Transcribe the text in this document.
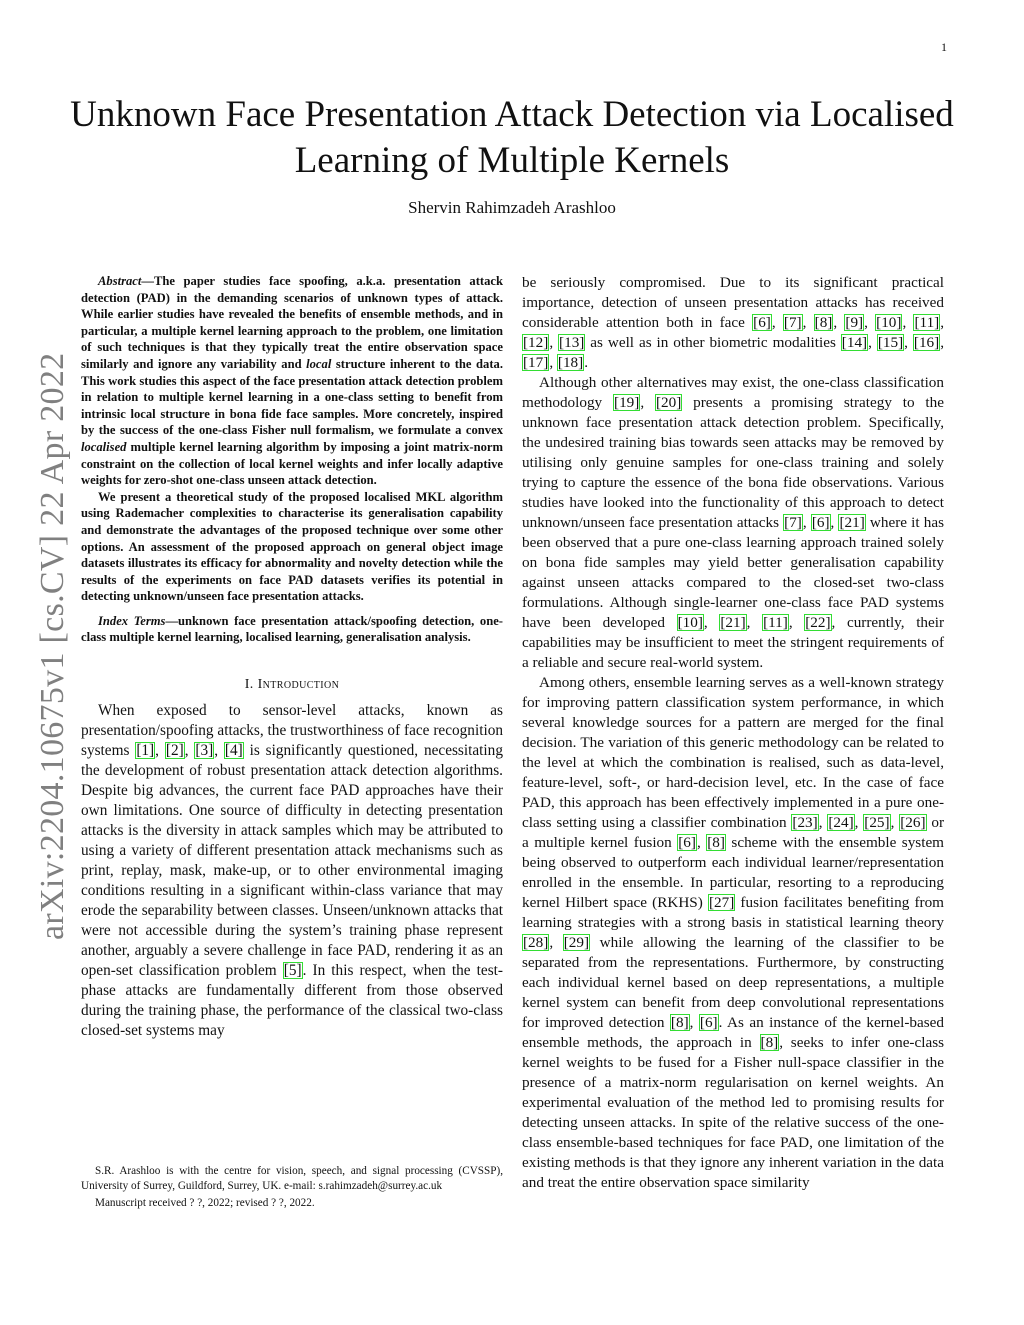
1
arXiv:2204.10675v1 [cs.CV] 22 Apr 2022
Unknown Face Presentation Attack Detection via Localised Learning of Multiple Kernels
Shervin Rahimzadeh Arashloo

Abstract—The paper studies face spoofing, a.k.a. presentation attack detection (PAD) in the demanding scenarios of unknown types of attack. While earlier studies have revealed the benefits of ensemble methods, and in particular, a multiple kernel learning approach to the problem, one limitation of such techniques is that they typically treat the entire observation space similarly and ignore any variability and local structure inherent to the data. This work studies this aspect of the face presentation attack detection problem in relation to multiple kernel learning in a one-class setting to benefit from intrinsic local structure in bona fide face samples. More concretely, inspired by the success of the one-class Fisher null formalism, we formulate a convex localised multiple kernel learning algorithm by imposing a joint matrix-norm constraint on the collection of local kernel weights and infer locally adaptive weights for zero-shot one-class unseen attack detection.

We present a theoretical study of the proposed localised MKL algorithm using Rademacher complexities to characterise its generalisation capability and demonstrate the advantages of the proposed technique over some other options. An assessment of the proposed approach on general object image datasets illustrates its efficacy for abnormality and novelty detection while the results of the experiments on face PAD datasets verifies its potential in detecting unknown/unseen face presentation attacks.

Index Terms—unknown face presentation attack/spoofing detection, one-class multiple kernel learning, localised learning, generalisation analysis.

I. Introduction

When exposed to sensor-level attacks, known as presentation/spoofing attacks, the trustworthiness of face recognition systems [1], [2], [3], [4] is significantly questioned, necessitating the development of robust presentation attack detection algorithms. Despite big advances, the current face PAD approaches have their own limitations. One source of difficulty in detecting presentation attacks is the diversity in attack samples which may be attributed to using a variety of different presentation attack mechanisms such as print, replay, mask, make-up, or to other environmental imaging conditions resulting in a significant within-class variance that may erode the separability between classes. Unseen/unknown attacks that were not accessible during the system’s training phase represent another, arguably a severe challenge in face PAD, rendering it as an open-set classification problem [5]. In this respect, when the test-phase attacks are fundamentally different from those observed during the training phase, the performance of the classical two-class closed-set systems may

S.R. Arashloo is with the centre for vision, speech, and signal processing (CVSSP), University of Surrey, Guildford, Surrey, UK. e-mail: s.rahimzadeh@surrey.ac.uk

Manuscript received ? ?, 2022; revised ? ?, 2022.

be seriously compromised. Due to its significant practical importance, detection of unseen presentation attacks has received considerable attention both in face [6], [7], [8], [9], [10], [11], [12], [13] as well as in other biometric modalities [14], [15], [16], [17], [18].

Although other alternatives may exist, the one-class classification methodology [19], [20] presents a promising strategy to the unknown face presentation attack detection problem. Specifically, the undesired training bias towards seen attacks may be removed by utilising only genuine samples for one-class training and solely trying to capture the essence of the bona fide observations. Various studies have looked into the functionality of this approach to detect unknown/unseen face presentation attacks [7], [6], [21] where it has been observed that a pure one-class learning approach trained solely on bona fide samples may yield better generalisation capability against unseen attacks compared to the closed-set two-class formulations. Although single-learner one-class face PAD systems have been developed [10], [21], [11], [22], currently, their capabilities may be insufficient to meet the stringent requirements of a reliable and secure real-world system.

Among others, ensemble learning serves as a well-known strategy for improving pattern classification system performance, in which several knowledge sources for a pattern are merged for the final decision. The variation of this generic methodology can be related to the level at which the combination is realised, such as data-level, feature-level, soft-, or hard-decision level, etc. In the case of face PAD, this approach has been effectively implemented in a pure one-class setting using a classifier combination [23], [24], [25], [26] or a multiple kernel fusion [6], [8] scheme with the ensemble system being observed to outperform each individual learner/representation enrolled in the ensemble. In particular, resorting to a reproducing kernel Hilbert space (RKHS) [27] fusion facilitates benefiting from learning strategies with a strong basis in statistical learning theory [28], [29] while allowing the learning of the classifier to be separated from the representations. Furthermore, by constructing each individual kernel based on deep representations, a multiple kernel system can benefit from deep convolutional representations for improved detection [8], [6]. As an instance of the kernel-based ensemble methods, the approach in [8], seeks to infer one-class kernel weights to be fused for a Fisher null-space classifier in the presence of a matrix-norm regularisation on kernel weights. An experimental evaluation of the method led to promising results for detecting unseen attacks. In spite of the relative success of the one-class ensemble-based techniques for face PAD, one limitation of the existing methods is that they ignore any inherent variation in the data and treat the entire observation space similarity
